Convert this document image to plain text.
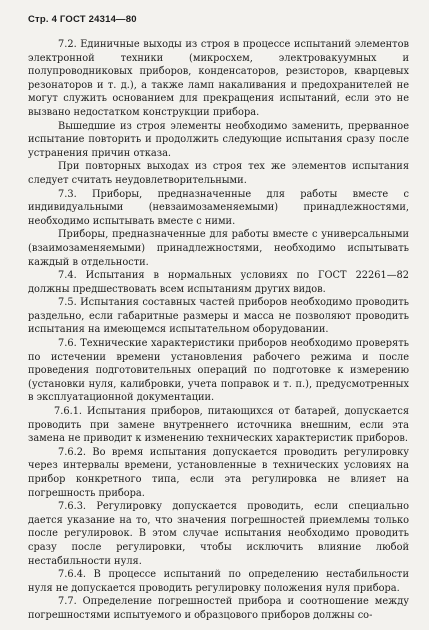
Стр. 4 ГОСТ 24314—80

7.2. Единичные выходы из строя в процессе испытаний элементов электронной техники (микросхем, электровакуумных и полупроводниковых приборов, конденсаторов, резисторов, кварцевых резонаторов и т. д.), а также ламп накаливания и предохранителей не могут служить основанием для прекращения испытаний, если это не вызвано недостатком конструкции прибора.

Вышедшие из строя элементы необходимо заменить, прерванное испытание повторить и продолжить следующие испытания сразу после устранения причин отказа.

При повторных выходах из строя тех же элементов испытания следует считать неудовлетворительными.

7.3. Приборы, предназначенные для работы вместе с индивидуальными (невзаимозаменяемыми) принадлежностями, необходимо испытывать вместе с ними.

Приборы, предназначенные для работы вместе с универсальными (взаимозаменяемыми) принадлежностями, необходимо испытывать каждый в отдельности.

7.4. Испытания в нормальных условиях по ГОСТ 22261—82 должны предшествовать всем испытаниям других видов.

7.5. Испытания составных частей приборов необходимо проводить раздельно, если габаритные размеры и масса не позволяют проводить испытания на имеющемся испытательном оборудовании.

7.6. Технические характеристики приборов необходимо проверять по истечении времени установления рабочего режима и после проведения подготовительных операций по подготовке к измерению (установки нуля, калибровки, учета поправок и т. п.), предусмотренных в эксплуатационной документации.

7.6.1. Испытания приборов, питающихся от батарей, допускается проводить при замене внутреннего источника внешним, если эта замена не приводит к изменению технических характеристик приборов.

7.6.2. Во время испытания допускается проводить регулировку через интервалы времени, установленные в технических условиях на прибор конкретного типа, если эта регулировка не влияет на погрешность прибора.

7.6.3. Регулировку допускается проводить, если специально дается указание на то, что значения погрешностей приемлемы только после регулировок. В этом случае испытания необходимо проводить сразу после регулировки, чтобы исключить влияние любой нестабильности нуля.

7.6.4. В процессе испытаний по определению нестабильности нуля не допускается проводить регулировку положения нуля прибора.

7.7. Определение погрешностей прибора и соотношение между погрешностями испытуемого и образцового приборов должны со-
